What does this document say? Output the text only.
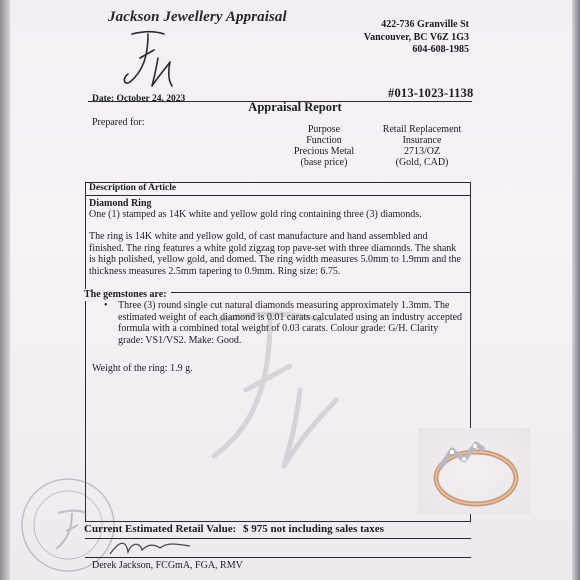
Jackson Jewellery Appraisal	422-736 Granville St
Vancouver, BC V6Z 1G3
604-608-1985
#013-1023-1138
Date: October 24, 2023
Appraisal Report
Prepared for:
Purpose
Function
Precious Metal
(base price)
Retail Replacement
Insurance
2713/OZ
(Gold, CAD)
Description of Article
Diamond Ring
One (1) stamped as 14K white and yellow gold ring containing three (3) diamonds.
The ring is 14K white and yellow gold, of cast manufacture and hand assembled and
finished. The ring features a white gold zigzag top pave-set with three diamonds. The shank
is high polished, yellow gold, and domed. The ring width measures 5.0mm to 1.9mm and the
thickness measures 2.5mm tapering to 0.9mm. Ring size: 6.75.
The gemstones are:
• Three (3) round single cut natural diamonds measuring approximately 1.3mm. The
estimated weight of each diamond is 0.01 carats calculated using an industry accepted
formula with a combined total weight of 0.03 carats. Colour grade: G/H. Clarity
grade: VS1/VS2. Make: Good.
Weight of the ring: 1.9 g.
Current Estimated Retail Value: $ 975 not including sales taxes
Derek Jackson, FCGmA, FGA, RMV
